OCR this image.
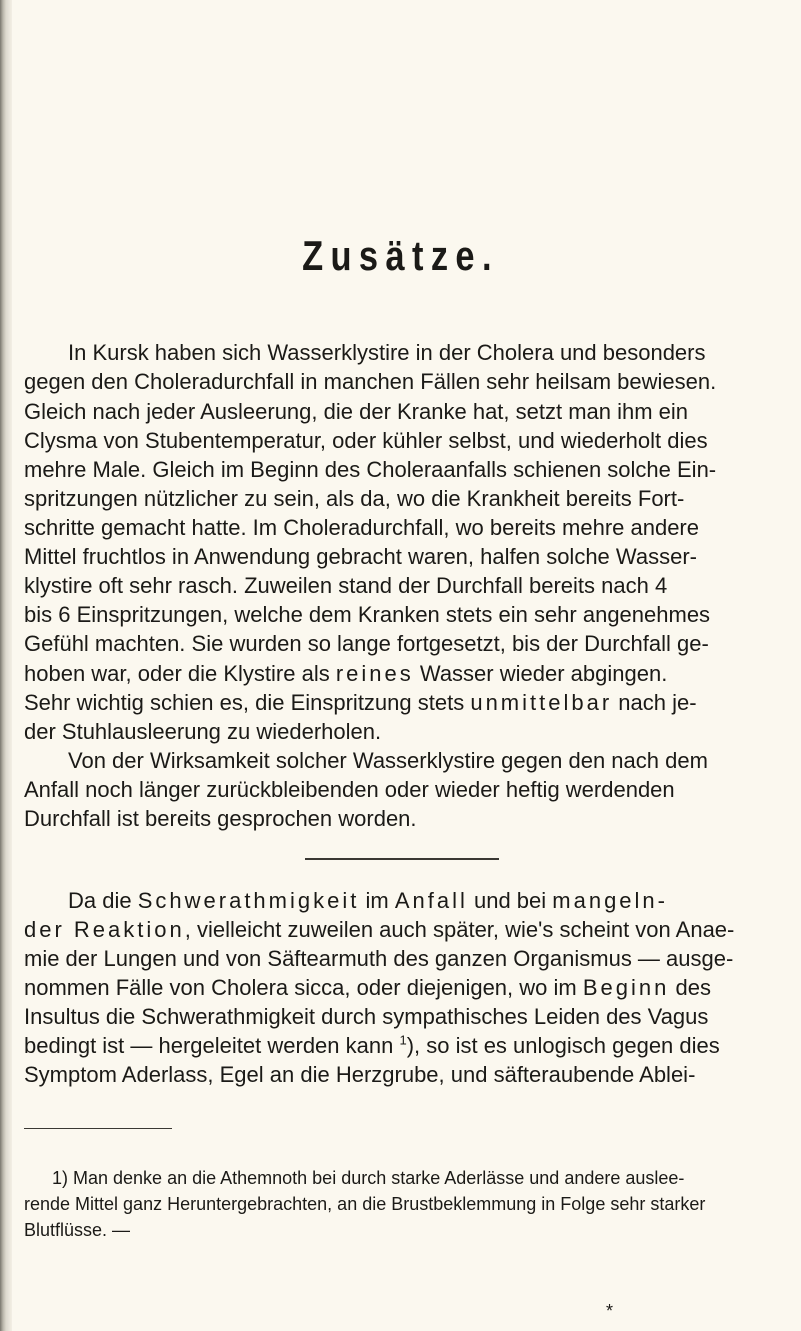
Zusätze.
In Kursk haben sich Wasserklystire in der Cholera und besonders
gegen den Choleradurchfall in manchen Fällen sehr heilsam bewiesen.
Gleich nach jeder Ausleerung, die der Kranke hat, setzt man ihm ein
Clysma von Stubentemperatur, oder kühler selbst, und wiederholt dies
mehre Male. Gleich im Beginn des Choleraanfalls schienen solche Ein-
spritzungen nützlicher zu sein, als da, wo die Krankheit bereits Fort-
schritte gemacht hatte. Im Choleradurchfall, wo bereits mehre andere
Mittel fruchtlos in Anwendung gebracht waren, halfen solche Wasser-
klystire oft sehr rasch. Zuweilen stand der Durchfall bereits nach 4
bis 6 Einspritzungen, welche dem Kranken stets ein sehr angenehmes
Gefühl machten. Sie wurden so lange fortgesetzt, bis der Durchfall ge-
hoben war, oder die Klystire als reines Wasser wieder abgingen.
Sehr wichtig schien es, die Einspritzung stets unmittelbar nach je-
der Stuhlausleerung zu wiederholen.
Von der Wirksamkeit solcher Wasserklystire gegen den nach dem
Anfall noch länger zurückbleibenden oder wieder heftig werdenden
Durchfall ist bereits gesprochen worden.
Da die Schwerathmigkeit im Anfall und bei mangeln-
der Reaktion, vielleicht zuweilen auch später, wie's scheint von Anae-
mie der Lungen und von Säftearmuth des ganzen Organismus — ausge-
nommen Fälle von Cholera sicca, oder diejenigen, wo im Beginn des
Insultus die Schwerathmigkeit durch sympathisches Leiden des Vagus
bedingt ist — hergeleitet werden kann $^1$), so ist es unlogisch gegen dies
Symptom Aderlass, Egel an die Herzgrube, und säfteraubende Ablei-
1) Man denke an die Athemnoth bei durch starke Aderlässe und andere auslee-
rende Mittel ganz Heruntergebrachten, an die Brustbeklemmung in Folge sehr starker
Blutflüsse. —
*
